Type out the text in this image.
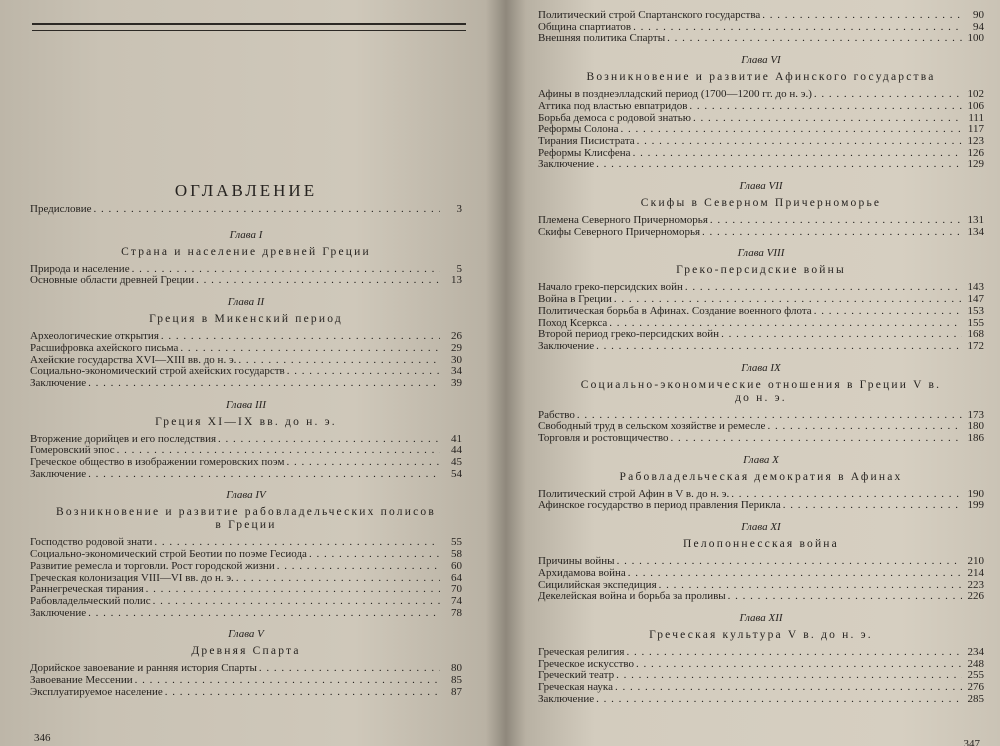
ОГЛАВЛЕНИЕ
Предисловие . . .	3
Глава I
Страна и население древней Греции
Природа и население . . .	5
Основные области древней Греции . . .	13
Глава II
Греция в Микенский период
Археологические открытия . . .	26
Расшифровка ахейского письма . . .	29
Ахейские государства XVI—XIII вв. до н. э. . . .	30
Социально-экономический строй ахейских государств . . .	34
Заключение . . .	39
Глава III
Греция XI—IX вв. до н. э.
Вторжение дорийцев и его последствия . . .	41
Гомеровский эпос . . .	44
Греческое общество в изображении гомеровских поэм . . .	45
Заключение . . .	54
Глава IV
Возникновение и развитие рабовладельческих полисов в Греции
Господство родовой знати . . .	55
Социально-экономический строй Беотии по поэме Гесиода . . .	58
Развитие ремесла и торговли. Рост городской жизни . . .	60
Греческая колонизация VIII—VI вв. до н. э. . . .	64
Раннегреческая тирания . . .	70
Рабовладельческий полис . . .	74
Заключение . . .	78
Глава V
Древняя Спарта
Дорийское завоевание и ранняя история Спарты . . .	80
Завоевание Мессении . . .	85
Эксплуатируемое население . . .	87
346
Политический строй Спартанского государства . . .	90
Община спартиатов . . .	94
Внешняя политика Спарты . . .	100
Глава VI
Возникновение и развитие Афинского государства
Афины в позднеэлладский период (1700—1200 гг. до н. э.) . . .	102
Аттика под властью евпатридов . . .	106
Борьба демоса с родовой знатью . . .	111
Реформы Солона . . .	117
Тирания Писистрата . . .	123
Реформы Клисфена . . .	126
Заключение . . .	129
Глава VII
Скифы в Северном Причерноморье
Племена Северного Причерноморья . . .	131
Скифы Северного Причерноморья . . .	134
Глава VIII
Греко-персидские войны
Начало греко-персидских войн . . .	143
Война в Греции . . .	147
Политическая борьба в Афинах. Создание военного флота . . .	153
Поход Ксеркса . . .	155
Второй период греко-персидских войн . . .	168
Заключение . . .	172
Глава IX
Социально-экономические отношения в Греции V в. до н. э.
Рабство . . .	173
Свободный труд в сельском хозяйстве и ремесле . . .	180
Торговля и ростовщичество . . .	186
Глава X
Рабовладельческая демократия в Афинах
Политический строй Афин в V в. до н. э. . . .	190
Афинское государство в период правления Перикла . . .	199
Глава XI
Пелопоннесская война
Причины войны . . .	210
Архидамова война . . .	214
Сицилийская экспедиция . . .	223
Декелейская война и борьба за проливы . . .	226
Глава XII
Греческая культура V в. до н. э.
Греческая религия . . .	234
Греческое искусство . . .	248
Греческий театр . . .	255
Греческая наука . . .	276
Заключение . . .	285
347
